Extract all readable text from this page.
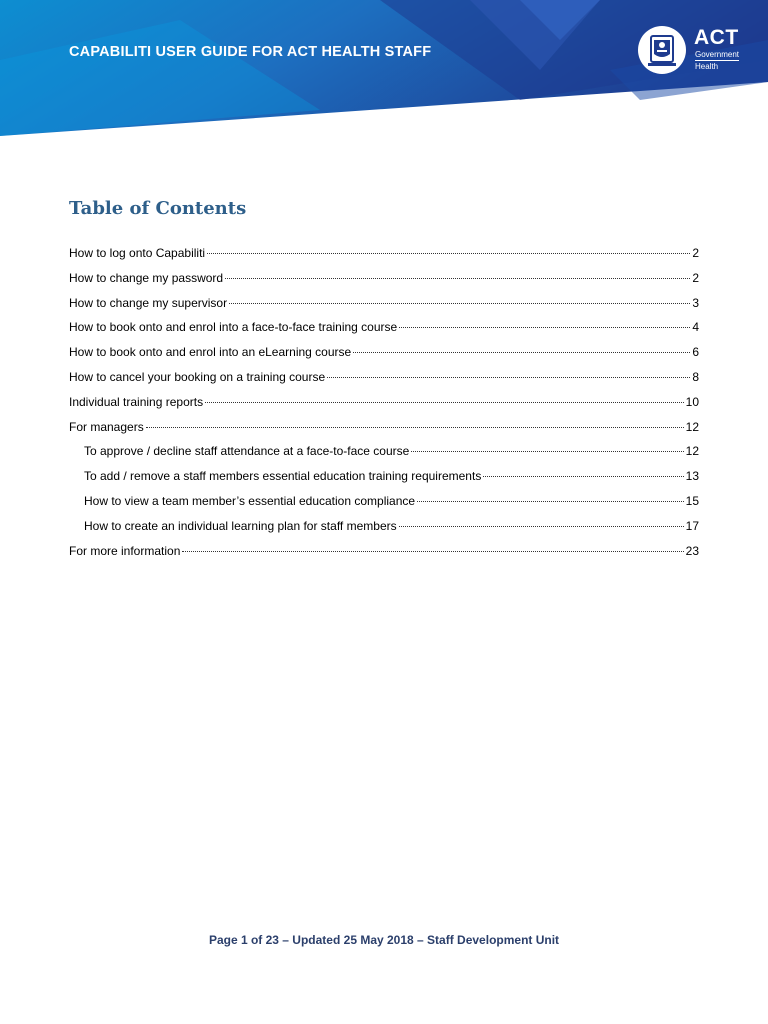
CAPABILITI USER GUIDE FOR ACT HEALTH STAFF
ACT
Government
Health
Table of Contents
How to log onto Capabiliti	2
How to change my password	2
How to change my supervisor	3
How to book onto and enrol into a face-to-face training course	4
How to book onto and enrol into an eLearning course	6
How to cancel your booking on a training course	8
Individual training reports	10
For managers	12
To approve / decline staff attendance at a face-to-face course	12
To add / remove a staff members essential education training requirements	13
How to view a team member’s essential education compliance	15
How to create an individual learning plan for staff members	17
For more information	23
Page 1 of 23 – Updated 25 May 2018 – Staff Development Unit
